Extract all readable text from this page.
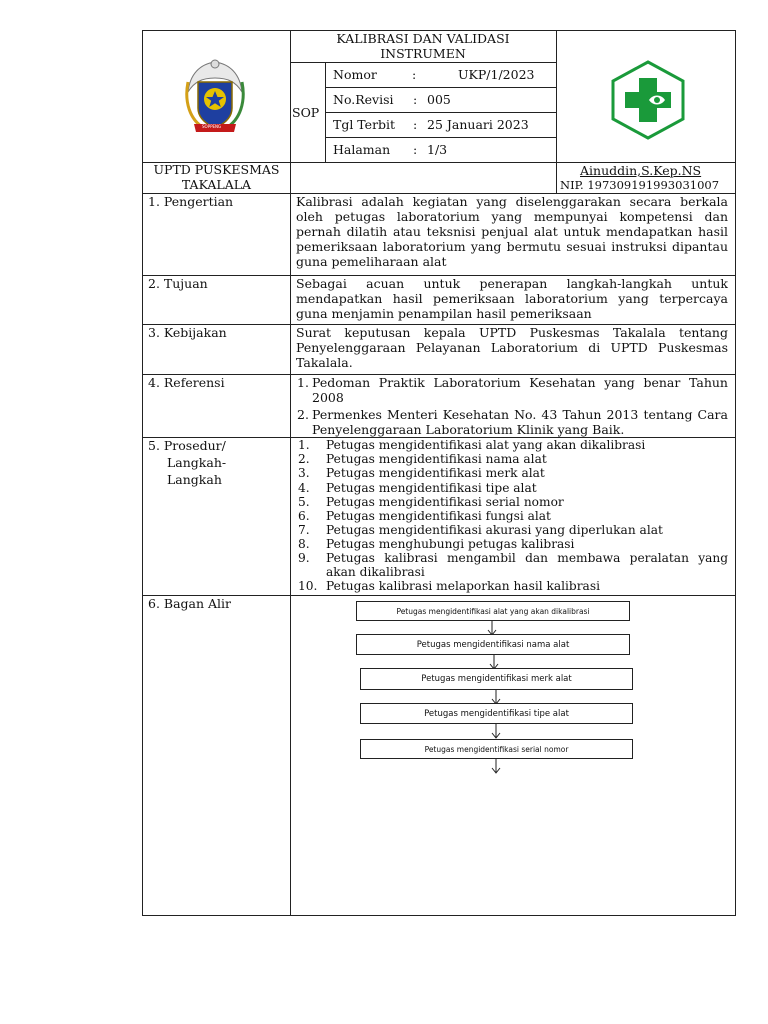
SOPPENG
KALIBRASI DAN VALIDASI INSTRUMEN
SOP
Nomor	:	UKP/1/2023
No.Revisi : 005
Tgl Terbit : 25 Januari 2023
Halaman : 1/3
UPTD PUSKESMAS TAKALALA
Ainuddin,S.Kep.NS
NIP. 197309191993031007
1. Pengertian	Kalibrasi adalah kegiatan yang diselenggarakan secara berkala oleh petugas laboratorium yang mempunyai kompetensi dan pernah dilatih atau teksnisi penjual alat untuk mendapatkan hasil pemeriksaan laboratorium yang bermutu sesuai instruksi dipantau guna pemeliharaan alat
2. Tujuan	Sebagai acuan untuk penerapan langkah-langkah untuk mendapatkan hasil pemeriksaan laboratorium yang terpercaya guna menjamin penampilan hasil pemeriksaan
3. Kebijakan	Surat keputusan kepala UPTD Puskesmas Takalala tentang Penyelenggaraan Pelayanan Laboratorium di UPTD Puskesmas Takalala.
4. Referensi	1. Pedoman Praktik Laboratorium Kesehatan yang benar Tahun 2008
2. Permenkes Menteri Kesehatan No. 43 Tahun 2013 tentang Cara Penyelenggaraan Laboratorium Klinik yang Baik.
5. Prosedur/
Langkah-
Langkah
1. Petugas mengidentifikasi alat yang akan dikalibrasi
2. Petugas mengidentifikasi nama alat
3. Petugas mengidentifikasi merk alat
4. Petugas mengidentifikasi tipe alat
5. Petugas mengidentifikasi serial nomor
6. Petugas mengidentifikasi fungsi alat
7. Petugas mengidentifikasi akurasi yang diperlukan alat
8. Petugas menghubungi petugas kalibrasi
9. Petugas kalibrasi mengambil dan membawa peralatan yang akan dikalibrasi
10. Petugas kalibrasi melaporkan hasil kalibrasi
6. Bagan Alir	Petugas mengidentifikasi alat yang akan dikalibrasi
Petugas mengidentifikasi nama alat
Petugas mengidentifikasi merk alat
Petugas mengidentifikasi tipe alat
Petugas mengidentifikasi serial nomor
